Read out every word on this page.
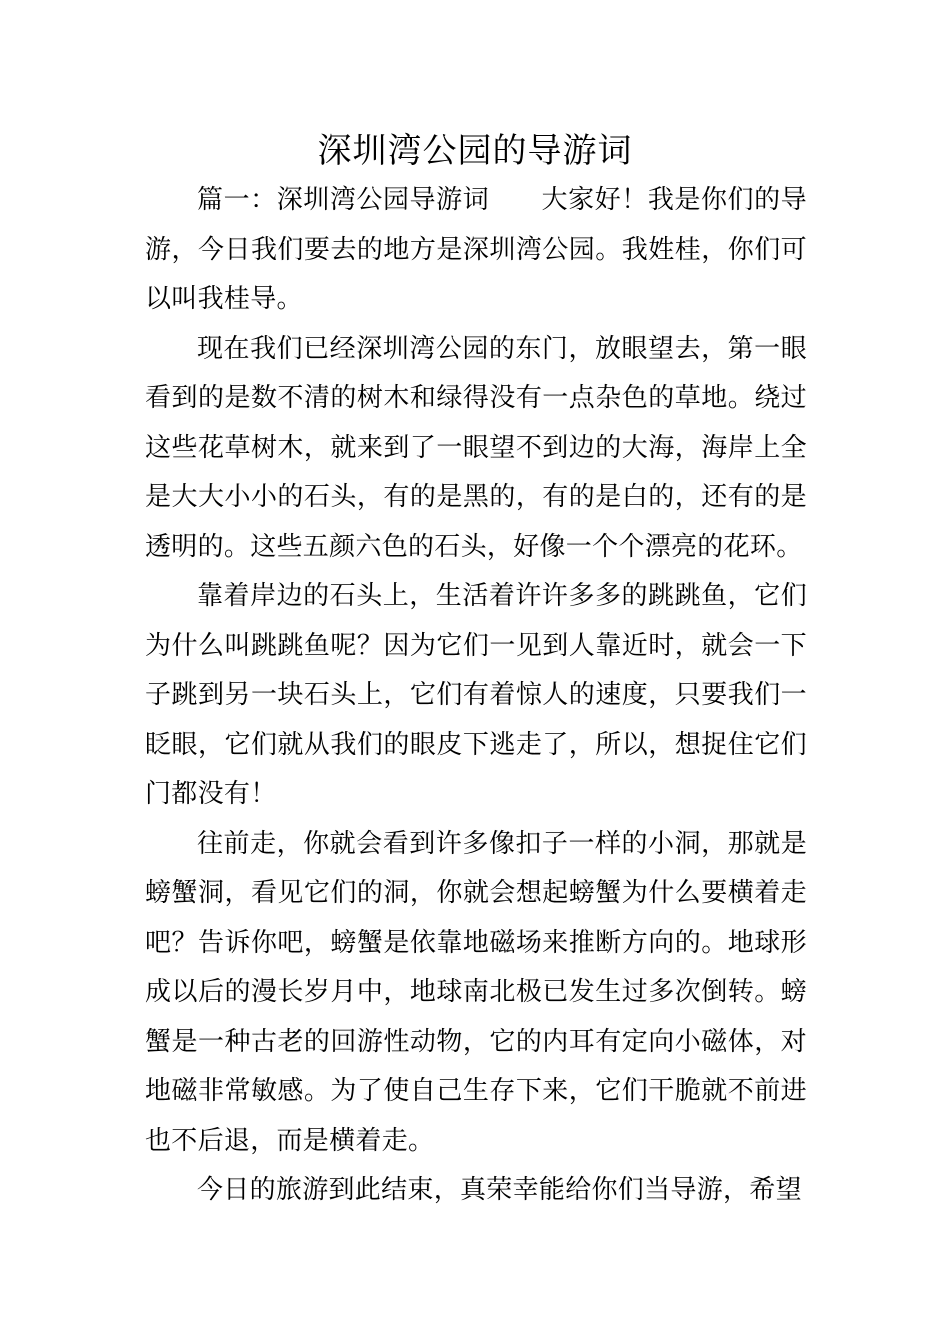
深圳湾公园的导游词

篇一：深圳湾公园导游词 大家好！我是你们的导游，今日我们要去的地方是深圳湾公园。我姓桂，你们可以叫我桂导。

现在我们已经深圳湾公园的东门，放眼望去，第一眼看到的是数不清的树木和绿得没有一点杂色的草地。绕过这些花草树木，就来到了一眼望不到边的大海，海岸上全是大大小小的石头，有的是黑的，有的是白的，还有的是透明的。这些五颜六色的石头，好像一个个漂亮的花环。

靠着岸边的石头上，生活着许许多多的跳跳鱼，它们为什么叫跳跳鱼呢？因为它们一见到人靠近时，就会一下子跳到另一块石头上，它们有着惊人的速度，只要我们一眨眼，它们就从我们的眼皮下逃走了，所以，想捉住它们门都没有！

往前走，你就会看到许多像扣子一样的小洞，那就是螃蟹洞，看见它们的洞，你就会想起螃蟹为什么要横着走吧？告诉你吧，螃蟹是依靠地磁场来推断方向的。地球形成以后的漫长岁月中，地球南北极已发生过多次倒转。螃蟹是一种古老的回游性动物，它的内耳有定向小磁体，对地磁非常敏感。为了使自己生存下来，它们干脆就不前进也不后退，而是横着走。

今日的旅游到此结束，真荣幸能给你们当导游，希望
